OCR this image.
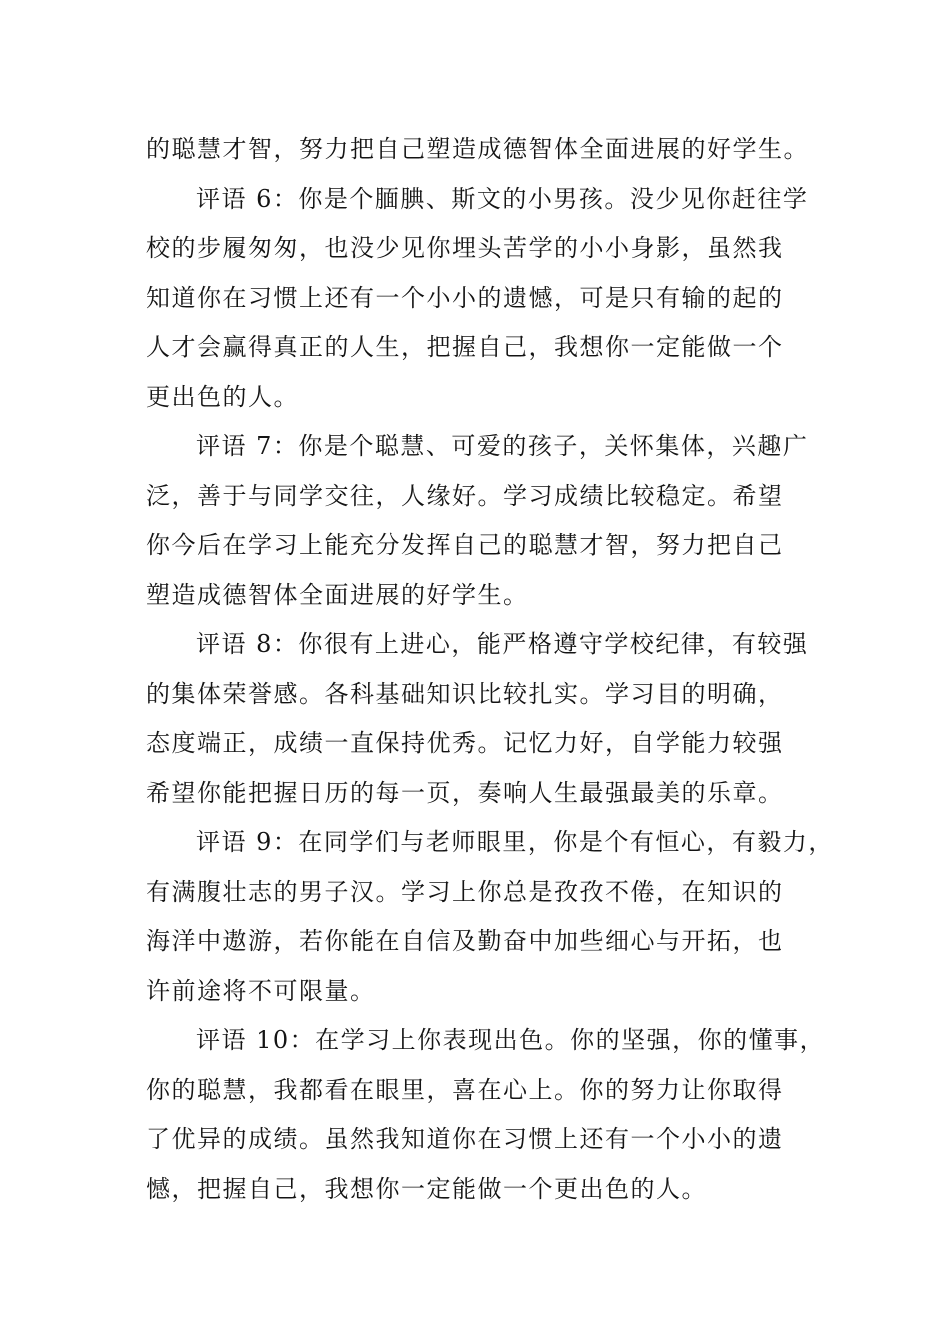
的聪慧才智，努力把自己塑造成德智体全面进展的好学生。
评语 6：你是个腼腆、斯文的小男孩。没少见你赶往学
校的步履匆匆，也没少见你埋头苦学的小小身影，虽然我
知道你在习惯上还有一个小小的遗憾，可是只有输的起的
人才会赢得真正的人生，把握自己，我想你一定能做一个
更出色的人。
评语 7：你是个聪慧、可爱的孩子，关怀集体，兴趣广
泛，善于与同学交往，人缘好。学习成绩比较稳定。希望
你今后在学习上能充分发挥自己的聪慧才智，努力把自己
塑造成德智体全面进展的好学生。
评语 8：你很有上进心，能严格遵守学校纪律，有较强
的集体荣誉感。各科基础知识比较扎实。学习目的明确，
态度端正，成绩一直保持优秀。记忆力好，自学能力较强
希望你能把握日历的每一页，奏响人生最强最美的乐章。
评语 9：在同学们与老师眼里，你是个有恒心，有毅力，
有满腹壮志的男子汉。学习上你总是孜孜不倦，在知识的
海洋中遨游，若你能在自信及勤奋中加些细心与开拓，也
许前途将不可限量。
评语 10：在学习上你表现出色。你的坚强，你的懂事，
你的聪慧，我都看在眼里，喜在心上。你的努力让你取得
了优异的成绩。虽然我知道你在习惯上还有一个小小的遗
憾，把握自己，我想你一定能做一个更出色的人。
